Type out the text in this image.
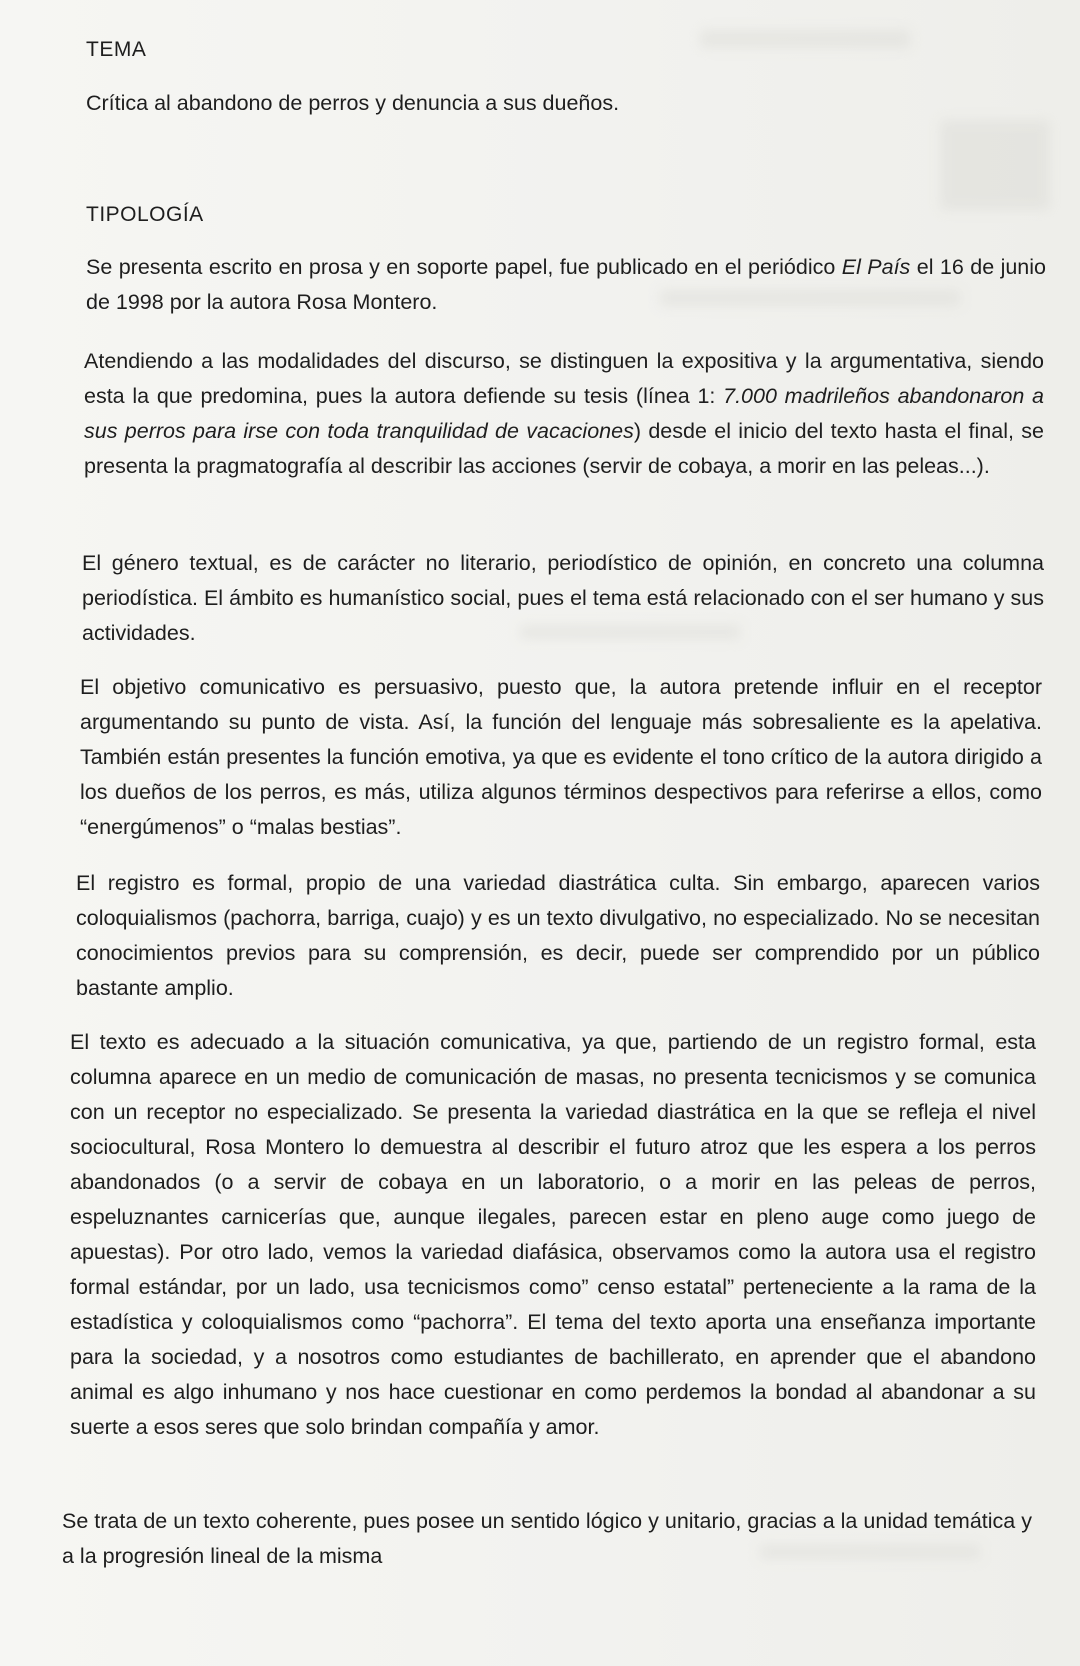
TEMA

Crítica al abandono de perros y denuncia a sus dueños.

TIPOLOGÍA

Se presenta escrito en prosa y en soporte papel, fue publicado en el periódico El País el 16 de junio de 1998 por la autora Rosa Montero.

Atendiendo a las modalidades del discurso, se distinguen la expositiva y la argumentativa, siendo esta la que predomina, pues la autora defiende su tesis (línea 1: 7.000 madrileños abandonaron a sus perros para irse con toda tranquilidad de vacaciones) desde el inicio del texto hasta el final, se presenta la pragmatografía al describir las acciones (servir de cobaya, a morir en las peleas...).

El género textual, es de carácter no literario, periodístico de opinión, en concreto una columna periodística. El ámbito es humanístico social, pues el tema está relacionado con el ser humano y sus actividades.

El objetivo comunicativo es persuasivo, puesto que, la autora pretende influir en el receptor argumentando su punto de vista. Así, la función del lenguaje más sobresaliente es la apelativa. También están presentes la función emotiva, ya que es evidente el tono crítico de la autora dirigido a los dueños de los perros, es más, utiliza algunos términos despectivos para referirse a ellos, como “energúmenos” o “malas bestias”.

El registro es formal, propio de una variedad diastrática culta. Sin embargo, aparecen varios coloquialismos (pachorra, barriga, cuajo) y es un texto divulgativo, no especializado. No se necesitan conocimientos previos para su comprensión, es decir, puede ser comprendido por un público bastante amplio.

El texto es adecuado a la situación comunicativa, ya que, partiendo de un registro formal, esta columna aparece en un medio de comunicación de masas, no presenta tecnicismos y se comunica con un receptor no especializado. Se presenta la variedad diastrática en la que se refleja el nivel sociocultural, Rosa Montero lo demuestra al describir el futuro atroz que les espera a los perros abandonados (o a servir de cobaya en un laboratorio, o a morir en las peleas de perros, espeluznantes carnicerías que, aunque ilegales, parecen estar en pleno auge como juego de apuestas). Por otro lado, vemos la variedad diafásica, observamos como la autora usa el registro formal estándar, por un lado, usa tecnicismos como” censo estatal” perteneciente a la rama de la estadística y coloquialismos como “pachorra”. El tema del texto aporta una enseñanza importante para la sociedad, y a nosotros como estudiantes de bachillerato, en aprender que el abandono animal es algo inhumano y nos hace cuestionar en como perdemos la bondad al abandonar a su suerte a esos seres que solo brindan compañía y amor.

Se trata de un texto coherente, pues posee un sentido lógico y unitario, gracias a la unidad temática y a la progresión lineal de la misma
